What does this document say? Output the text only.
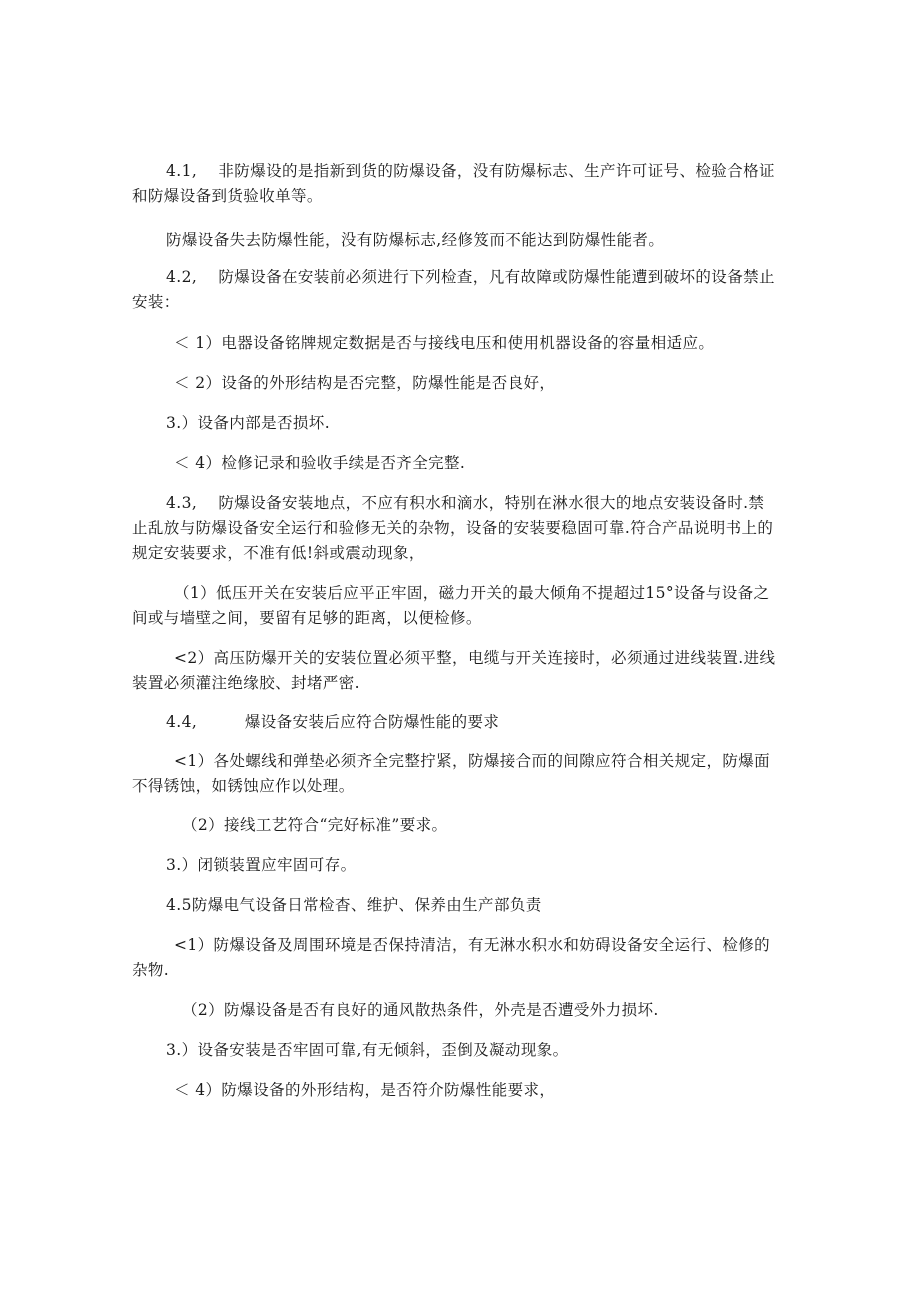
4.1,　 非防爆设的是指新到货的防爆设备，没有防爆标志、生产许可证号、检验合格证和防爆设备到货验收单等。

防爆设备失去防爆性能，没有防爆标志,经修笈而不能达到防爆性能者。

4.2,　 防爆设备在安装前必须进行下列检查，凡有故障或防爆性能遭到破坏的设备禁止安装：

＜ 1）电器设备铭牌规定数据是否与接线电压和使用机器设备的容量相适应。

＜ 2）设备的外形结构是否完整，防爆性能是否良好，

3.）设备内部是否损坏.

＜ 4）检修记录和验收手续是否齐全完整.

4.3,　 防爆设备安装地点，不应有积水和滴水，特别在淋水很大的地点安装设备时.禁止乱放与防爆设备安全运行和验修无关的杂物，设备的安装要稳固可靠.符合产品说明书上的规定安装要求，不准有低!斜或震动现象，

（1）低压开关在安装后应平正牢固，磁力开关的最大倾角不提超过15°设备与设备之间或与墙壁之间，要留有足够的距离，以便检修。

<2）高压防爆开关的安装位置必须平整，电缆与开关连接时，必须通过进线装置.进线装置必须灌注绝缘胶、封堵严密.

4.4,　　　爆设备安装后应符合防爆性能的要求

<1）各处螺线和弹垫必须齐全完整拧紧，防爆接合而的间隙应符合相关规定，防爆面不得锈蚀，如锈蚀应作以处理。

（2）接线工艺符合“完好标准”要求。

3.）闭锁装置应牢固可存。

4.5防爆电气设备日常检杳、维护、保养由生产部负责

<1）防爆设备及周围环境是否保持清洁，有无淋水积水和妨碍设备安全运行、检修的杂物.

（2）防爆设备是否有良好的通风散热条件，外壳是否遭受外力损坏.

3.）设备安装是否牢固可靠,有无倾斜，歪倒及凝动现象。

＜ 4）防爆设备的外形结构，是否符介防爆性能要求，
